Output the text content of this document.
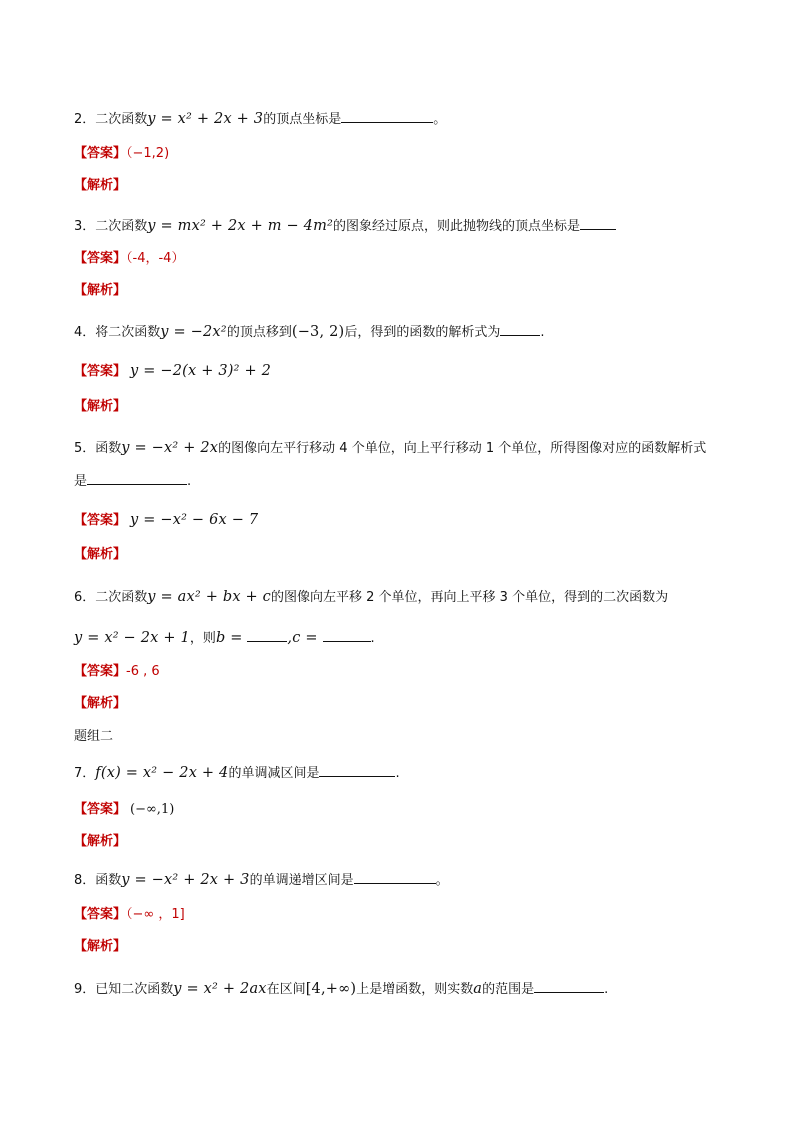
2．二次函数y = x² + 2x + 3的顶点坐标是	。
【答案】（−1,2)
【解析】
3．二次函数y = mx² + 2x + m − 4m²的图象经过原点，则此抛物线的顶点坐标是
【答案】（-4，-4）
【解析】
4．将二次函数y = −2x²的顶点移到(−3, 2)后，得到的函数的解析式为	.
【答案】 y = −2(x + 3)² + 2
【解析】
5．函数y = −x² + 2x的图像向左平行移动 4 个单位，向上平行移动 1 个单位，所得图像对应的函数解析式
是	.
【答案】 y = −x² − 6x − 7
【解析】
6．二次函数y = ax² + bx + c的图像向左平移 2 个单位，再向上平移 3 个单位，得到的二次函数为
y = x² − 2x + 1，则b =	,c =	.
【答案】-6 , 6
【解析】
题组二
7．f(x) = x² − 2x + 4的单调减区间是	.
【答案】 (−∞,1)
【解析】
8．函数y = −x² + 2x + 3的单调递增区间是	。
【答案】（−∞ ，1]
【解析】
9．已知二次函数y = x² + 2ax在区间[4,+∞)上是增函数，则实数a的范围是	.
